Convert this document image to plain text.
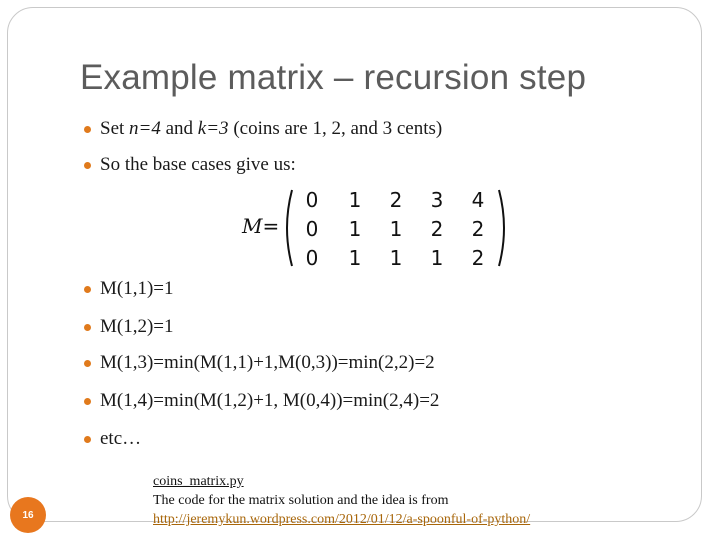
Example matrix – recursion step
Set n=4 and k=3 (coins are 1, 2, and 3 cents)
So the base cases give us:
M(1,1)=1
M(1,2)=1
M(1,3)=min(M(1,1)+1,M(0,3))=min(2,2)=2
M(1,4)=min(M(1,2)+1, M(0,4))=min(2,4)=2
etc…
M=
0 1 2 3 4
0 1 1 2 2
0 1 1 1 2
coins_matrix.py
The code for the matrix solution and the idea is from
http://jeremykun.wordpress.com/2012/01/12/a-spoonful-of-python/
16
